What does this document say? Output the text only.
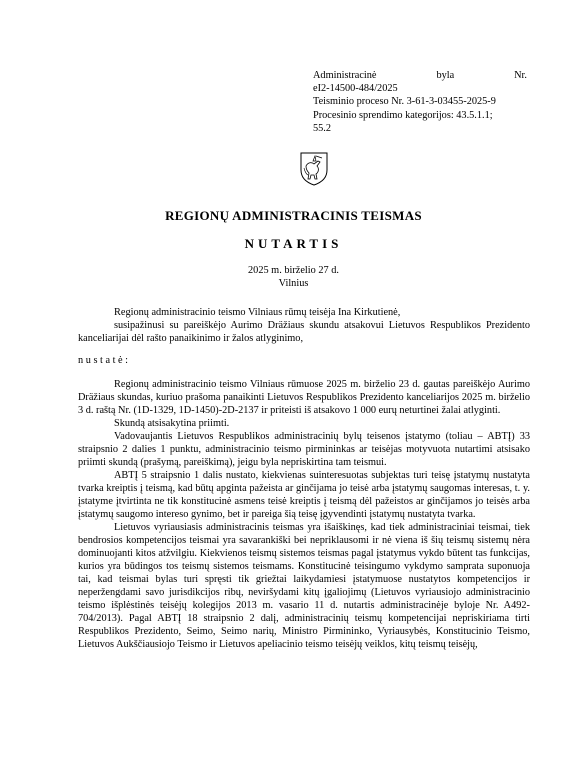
Administracinė	byla	Nr.
eI2-14500-484/2025
Teisminio proceso Nr. 3-61-3-03455-2025-9
Procesinio sprendimo kategorijos: 43.5.1.1;
55.2
REGIONŲ ADMINISTRACINIS TEISMAS
NUTARTIS
2025 m. birželio 27 d.
Vilnius

Regionų administracinio teismo Vilniaus rūmų teisėja Ina Kirkutienė,

susipažinusi su pareiškėjo Aurimo Dräžiaus skundu atsakovui Lietuvos Respublikos Prezidento kanceliarijai dėl rašto panaikinimo ir žalos atlyginimo,

n u s t a t ė :

Regionų administracinio teismo Vilniaus rūmuose 2025 m. birželio 23 d. gautas pareiškėjo Aurimo Dräžiaus skundas, kuriuo prašoma panaikinti Lietuvos Respublikos Prezidento kanceliarijos 2025 m. birželio 3 d. raštą Nr. (1D-1329, 1D-1450)-2D-2137 ir priteisti iš atsakovo 1 000 eurų neturtinei žalai atlyginti.

Skundą atsisakytina priimti.

Vadovaujantis Lietuvos Respublikos administracinių bylų teisenos įstatymo (toliau – ABTĮ) 33 straipsnio 2 dalies 1 punktu, administracinio teismo pirmininkas ar teisėjas motyvuota nutartimi atsisako priimti skundą (prašymą, pareiškimą), jeigu byla nepriskirtina tam teismui.

ABTĮ 5 straipsnio 1 dalis nustato, kiekvienas suinteresuotas subjektas turi teisę įstatymų nustatyta tvarka kreiptis į teismą, kad būtų apginta pažeista ar ginčijama jo teisė arba įstatymų saugomas interesas, t. y. įstatyme įtvirtinta ne tik konstitucinė asmens teisė kreiptis į teismą dėl pažeistos ar ginčijamos jo teisės arba įstatymų saugomo intereso gynimo, bet ir pareiga šią teisę įgyvendinti įstatymų nustatyta tvarka.

Lietuvos vyriausiasis administracinis teismas yra išaiškinęs, kad tiek administraciniai teismai, tiek bendrosios kompetencijos teismai yra savarankiški bei nepriklausomi ir nė viena iš šių teismų sistemų nėra dominuojanti kitos atžvilgiu. Kiekvienos teismų sistemos teismas pagal įstatymus vykdo būtent tas funkcijas, kurios yra būdingos tos teismų sistemos teismams. Konstitucinė teisingumo vykdymo samprata suponuoja tai, kad teismai bylas turi spręsti tik griežtai laikydamiesi įstatymuose nustatytos kompetencijos ir neperžengdami savo jurisdikcijos ribų, neviršydami kitų įgaliojimų (Lietuvos vyriausiojo administracinio teismo išplėstinės teisėjų kolegijos 2013 m. vasario 11 d. nutartis administracinėje byloje Nr. A492-704/2013). Pagal ABTĮ 18 straipsnio 2 dalį, administracinių teismų kompetencijai nepriskiriama tirti Respublikos Prezidento, Seimo, Seimo narių, Ministro Pirmininko, Vyriausybės, Konstitucinio Teismo, Lietuvos Aukščiausiojo Teismo ir Lietuvos apeliacinio teismo teisėjų veiklos, kitų teismų teisėjų,
